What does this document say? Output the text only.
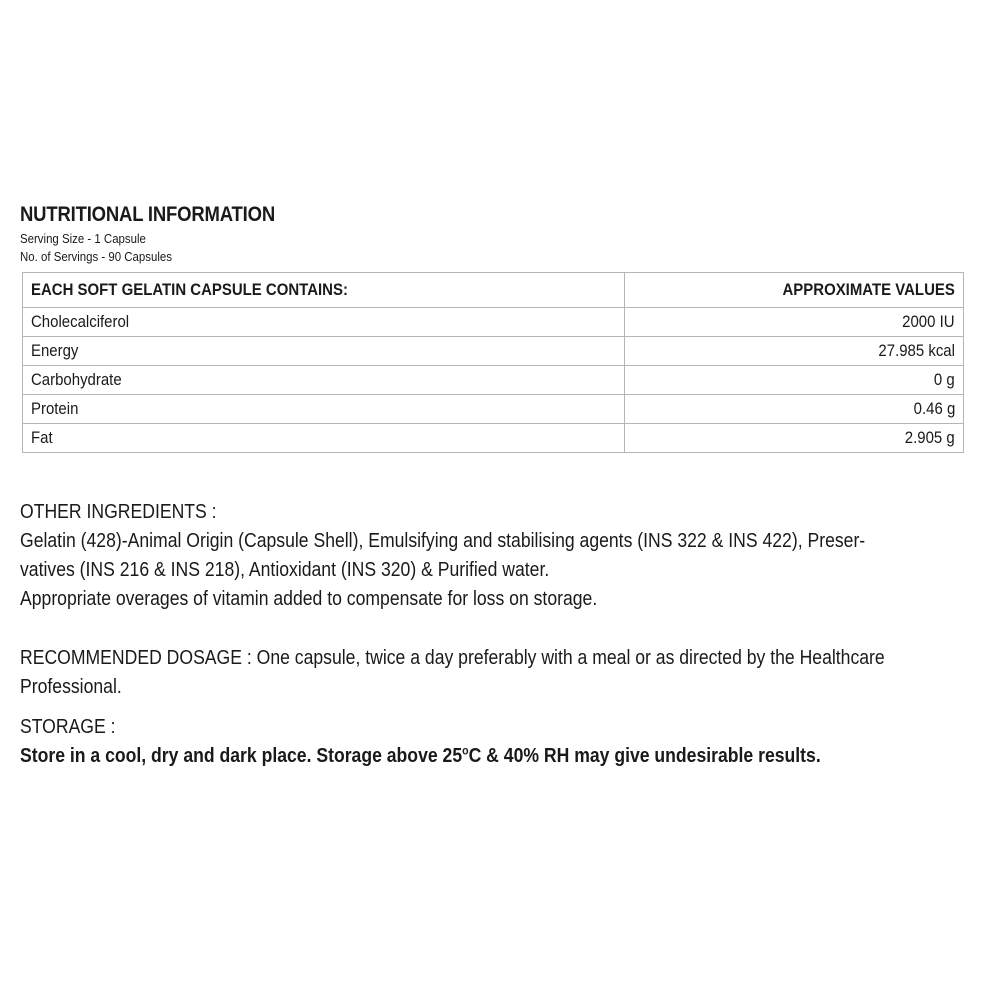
NUTRITIONAL INFORMATION

Serving Size - 1 Capsule

No. of Servings - 90 Capsules

EACH SOFT GELATIN CAPSULE CONTAINS:	APPROXIMATE VALUES
Cholecalciferol	2000 IU
Energy	27.985 kcal
Carbohydrate	0 g
Protein	0.46 g
Fat	2.905 g
OTHER INGREDIENTS :
Gelatin (428)-Animal Origin (Capsule Shell), Emulsifying and stabilising agents (INS 322 & INS 422), Preser-
vatives (INS 216 & INS 218), Antioxidant (INS 320) & Purified water.
Appropriate overages of vitamin added to compensate for loss on storage.
RECOMMENDED DOSAGE : One capsule, twice a day preferably with a meal or as directed by the Healthcare Professional.
STORAGE :
Store in a cool, dry and dark place. Storage above 25$^o$C & 40% RH may give undesirable results.
